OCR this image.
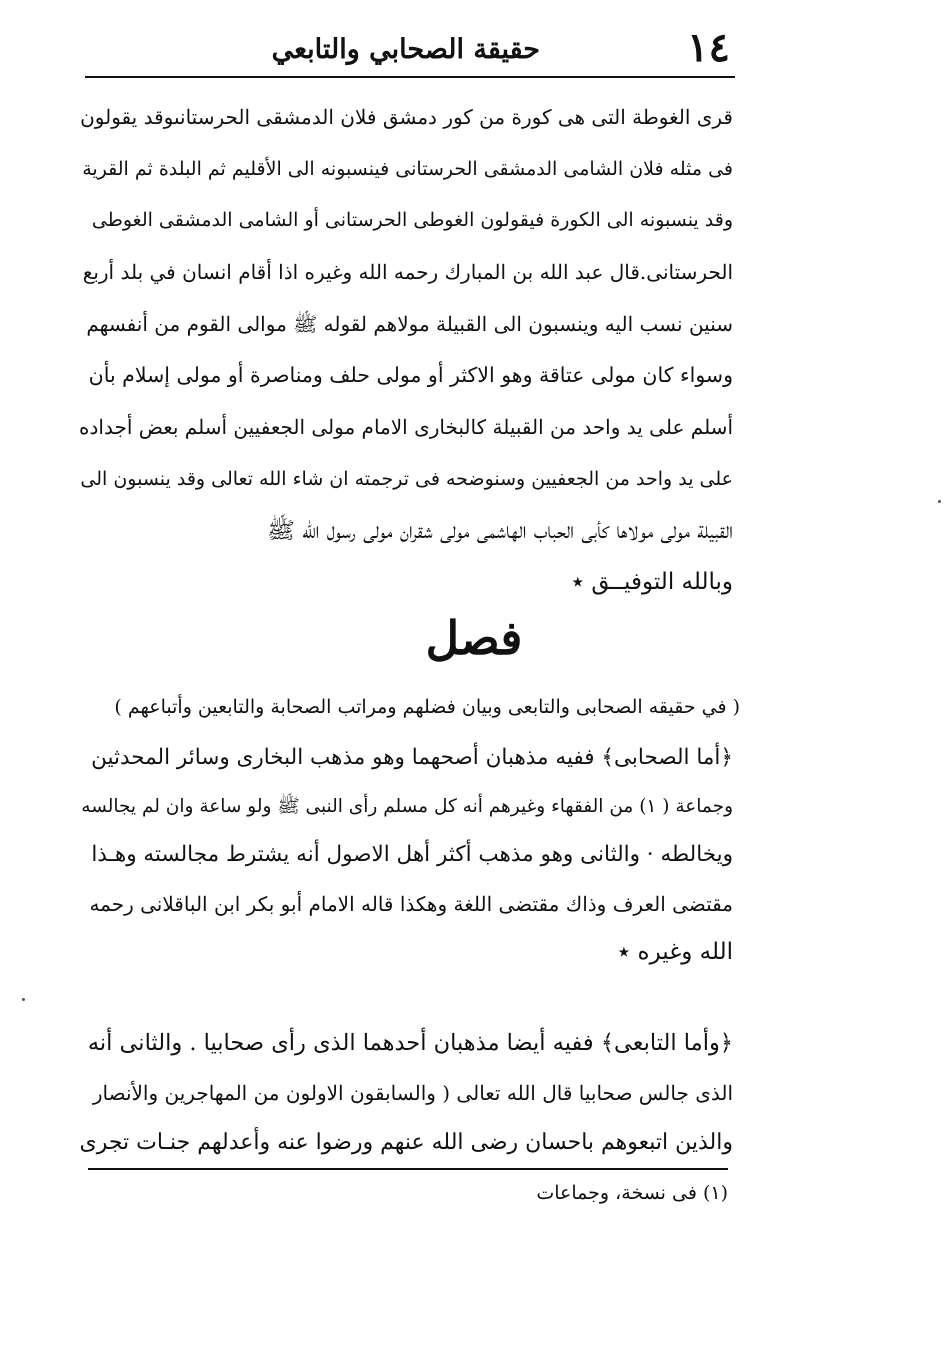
١٤
حقيقة الصحابي والتابعي
قرى الغوطة التى هى كورة من كور دمشق فلان الدمشقى الحرستانىوقد يقولون
فى مثله فلان الشامى الدمشقى الحرستانى فينسبونه الى الأقليم ثم البلدة ثم القرية
وقد ينسبونه الى الكورة فيقولون الغوطى الحرستانى أو الشامى الدمشقى الغوطى
الحرستانى.قال عبد الله بن المبارك رحمه الله وغيره اذا أقام انسان في بلد أربع
سنين نسب اليه وينسبون الى القبيلة مولاهم لقوله ﷺ موالى القوم من أنفسهم
وسواء كان مولى عتاقة وهو الاكثر أو مولى حلف ومناصرة أو مولى إسلام بأن
أسلم على يد واحد من القبيلة كالبخارى الامام مولى الجعفيين أسلم بعض أجداده
على يد واحد من الجعفيين وسنوضحه فى ترجمته ان شاء الله تعالى وقد ينسبون الى
القبيلة مولى مولاها كأبى الحباب الهاشمى مولى شقران مولى رسول الله ﷺ
وبالله التوفيــق ٭
فصل
( في حقيقه الصحابى والتابعى وبيان فضلهم ومراتب الصحابة والتابعين وأتباعهم )
﴿أما الصحابى﴾ ففيه مذهبان أصحهما وهو مذهب البخارى وسائر المحدثين
وجماعة ( ١) من الفقهاء وغيرهم أنه كل مسلم رأى النبى ﷺ ولو ساعة وان لم يجالسه
ويخالطه · والثانى وهو مذهب أكثر أهل الاصول أنه يشترط مجالسته وهـذا
مقتضى العرف وذاك مقتضى اللغة وهكذا قاله الامام أبو بكر ابن الباقلانى رحمه
الله وغيره ٭
﴿وأما التابعى﴾ ففيه أيضا مذهبان أحدهما الذى رأى صحابيا . والثانى أنه
الذى جالس صحابيا قال الله تعالى ( والسابقون الاولون من المهاجرين والأنصار
والذين اتبعوهم باحسان رضى الله عنهم ورضوا عنه وأعدلهم جنـات تجرى
(١) فى نسخة، وجماعات
